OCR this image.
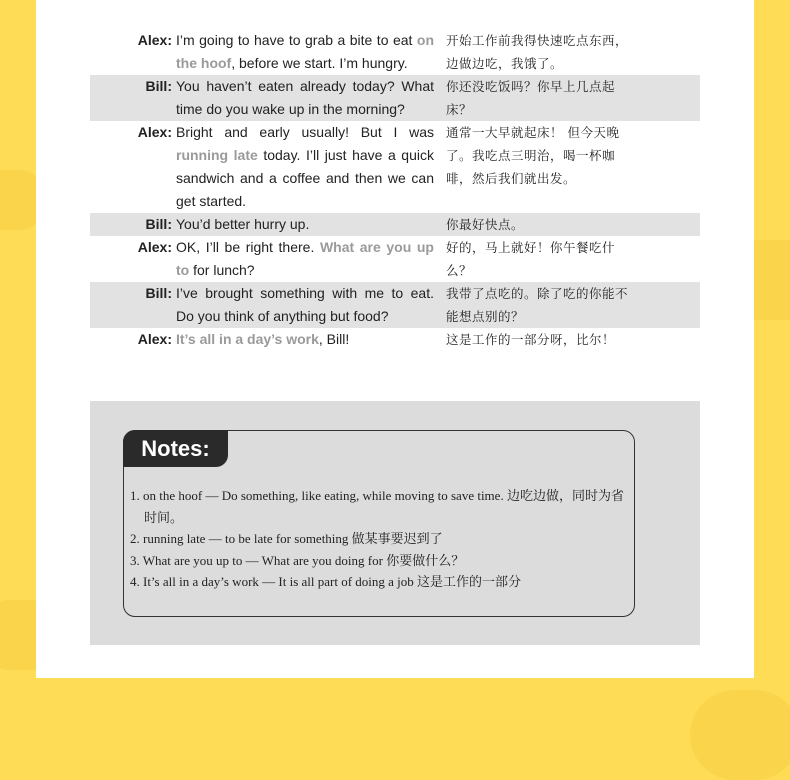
Alex: I’m going to have to grab a bite to eat on the hoof, before we start. I’m hungry.
开始工作前我得快速吃点东西，边做边吃，我饿了。
Bill: You haven’t eaten already today? What time do you wake up in the morning?
你还没吃饭吗？你早上几点起床？
Alex: Bright and early usually! But I was running late today. I’ll just have a quick sandwich and a coffee and then we can get started.
通常一大早就起床！ 但今天晚了。我吃点三明治，喝一杯咖啡，然后我们就出发。
Bill: You’d better hurry up.	你最好快点。
Alex: OK, I’ll be right there. What are you up to for lunch?
好的，马上就好！你午餐吃什么？
Bill: I’ve brought something with me to eat. Do you think of anything but food?
我带了点吃的。除了吃的你能不能想点别的？
Alex: It’s all in a day’s work, Bill!	这是工作的一部分呀，比尔！
Notes:
1. on the hoof — Do something, like eating, while moving to save time. 边吃边做，同时为省时间。
2. running late — to be late for something 做某事要迟到了
3. What are you up to — What are you doing for 你要做什么？
4. It’s all in a day’s work — It is all part of doing a job 这是工作的一部分
